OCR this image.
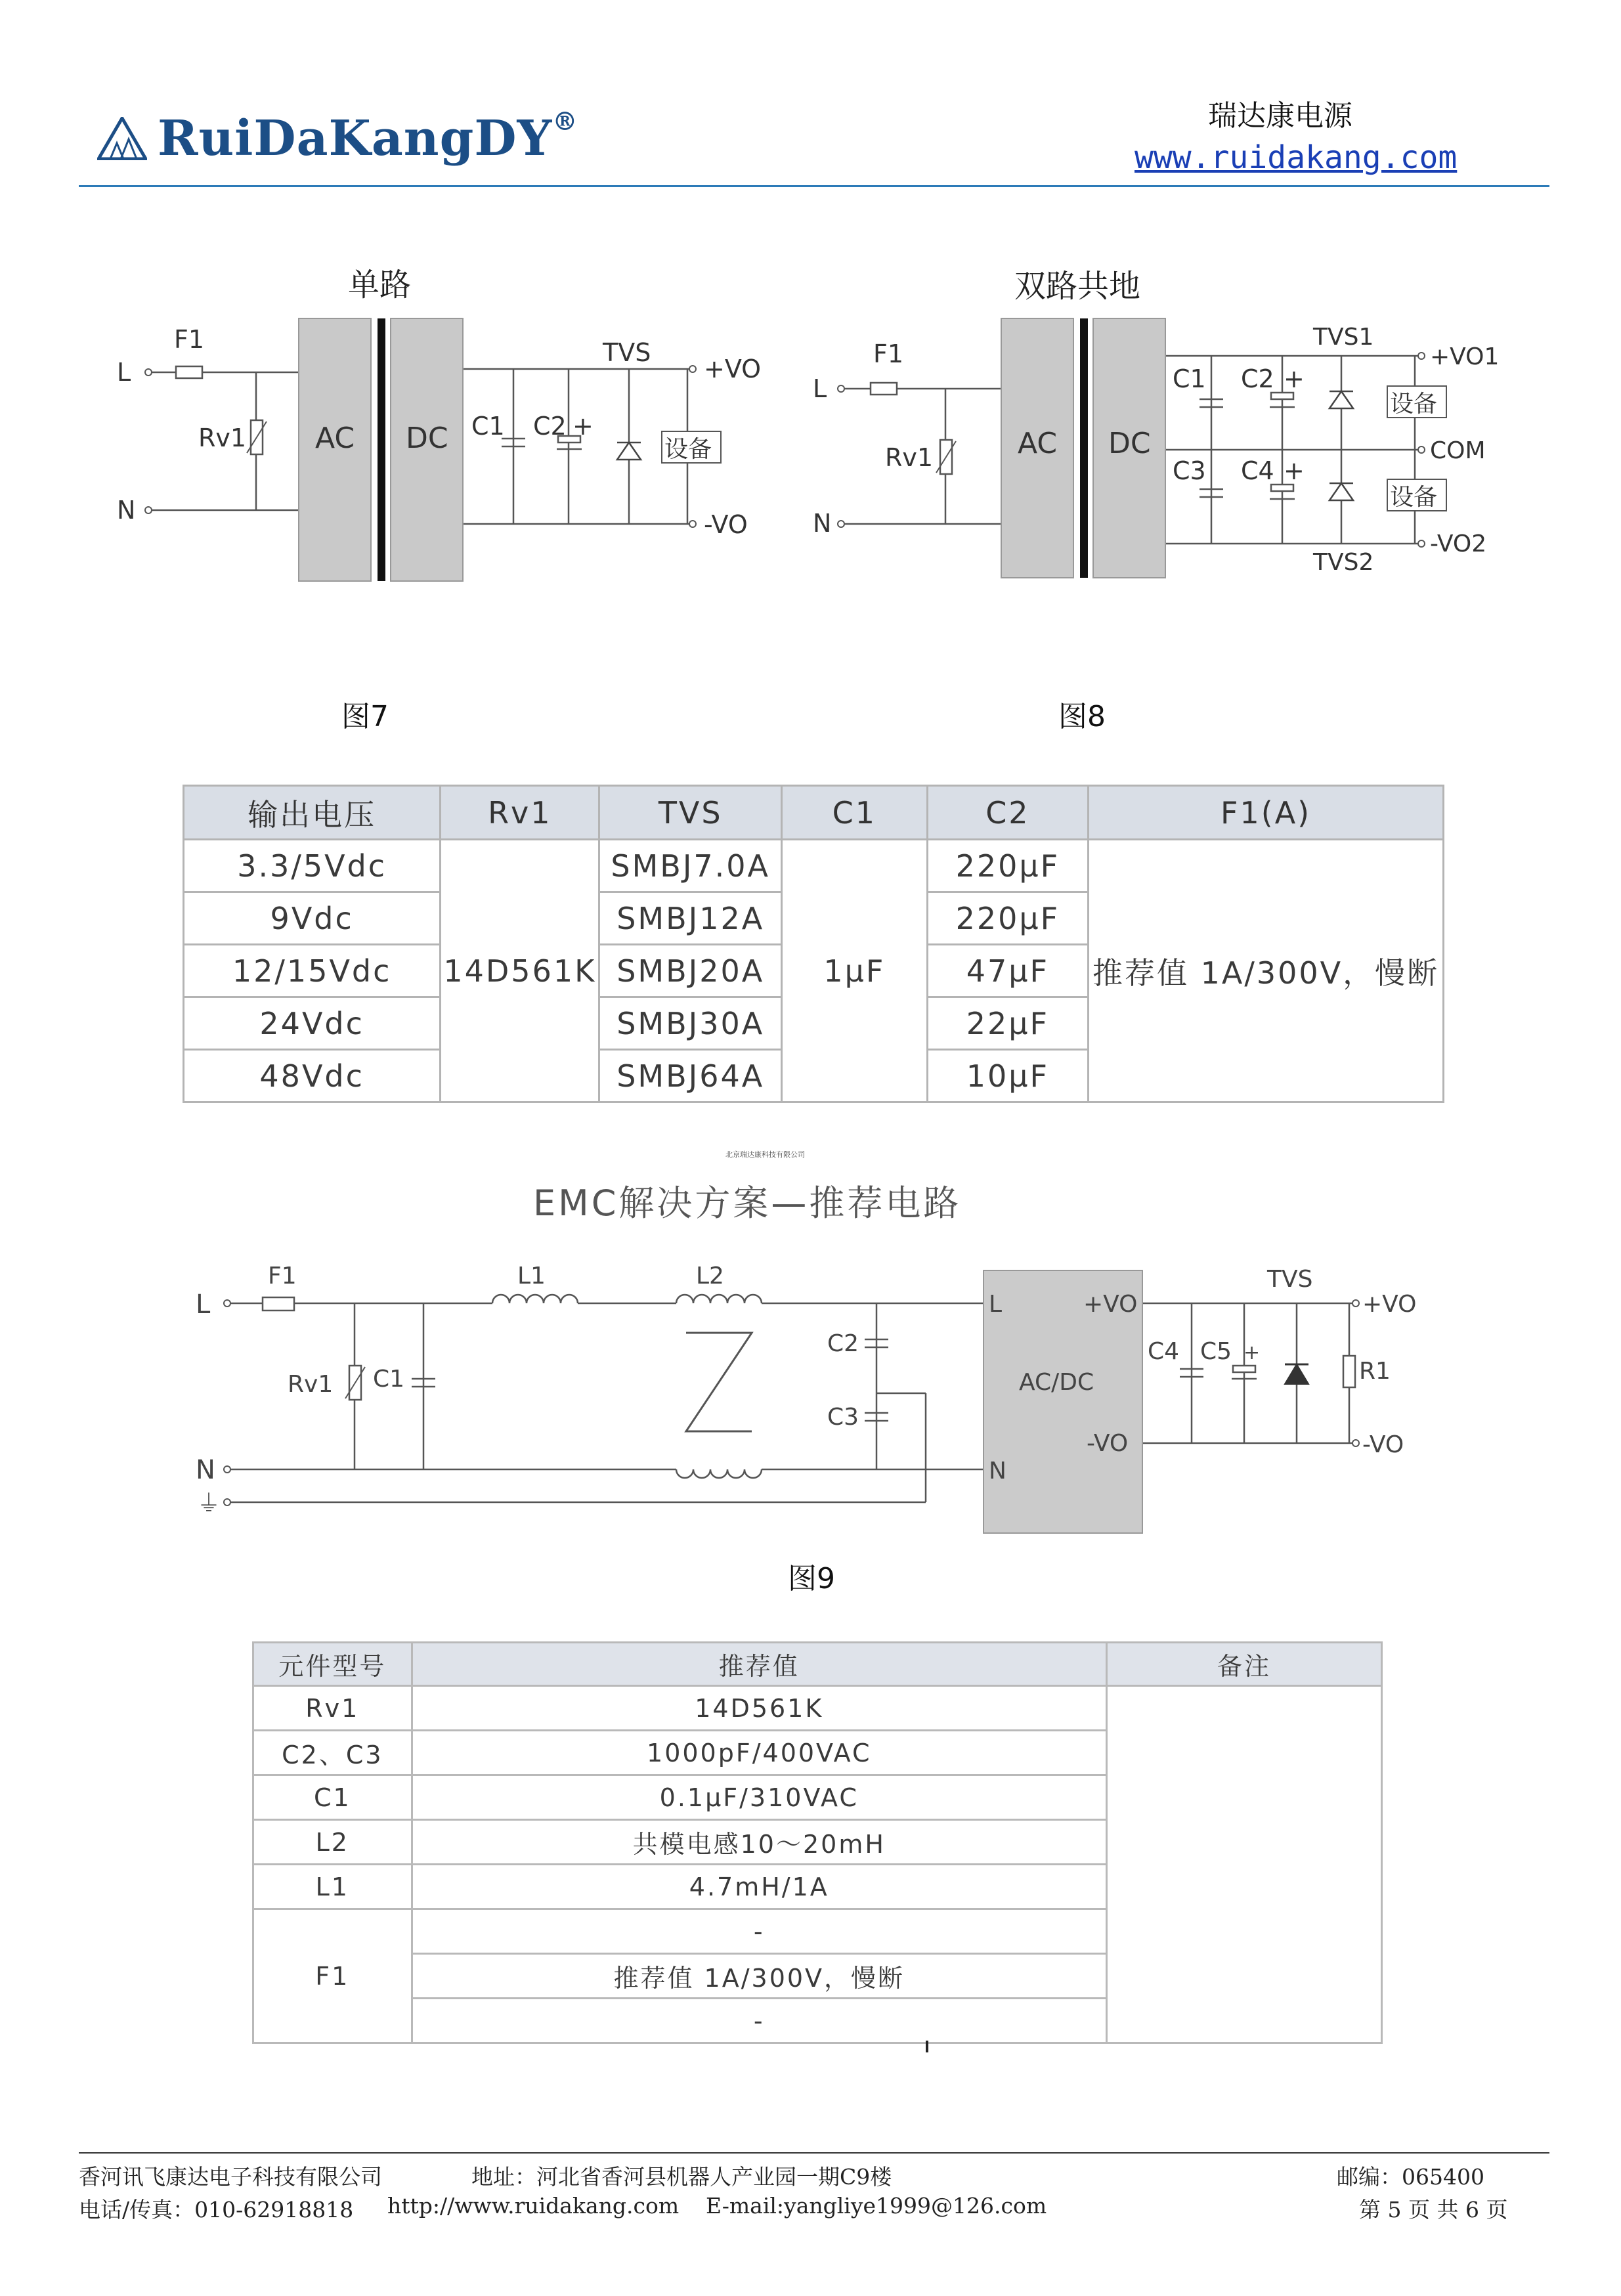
RuiDaKangDY®	瑞达康电源
www.ruidakang.com
单路
F1
L
N
Rv1 AC DC C1 C2 +
TVS
+VO
-VO
设备
图7
双路共地
F1
L
N
Rv1	AC DC
C1 C2 +
C3 C4 +
TVS1
TVS2
+VO1
COM
-VO2
设备
设备
图8
输出电压	Rv1	TVS	C1	C2	F1(A)
3.3/5Vdc	14D561K	SMBJ7.0A	1μF	220μF	推荐值 1A/300V，慢断
9Vdc		SMBJ12A		220μF	
12/15Vdc		SMBJ20A		47μF	
24Vdc		SMBJ30A		22μF	
48Vdc		SMBJ64A		10μF	
北京瑞达康科技有限公司
EMC解决方案—推荐电路
L
N
⏚
F1	L1	L2
Rv1 C1
C2
C3
C4 C5 +
TVS
R1
L
N
AC/DC
+VO
-VO
+VO
-VO
图9
元件型号	推荐值	备注
Rv1	14D561K	
C2、C3	1000pF/400VAC	
C1	0.1μF/310VAC	
L2	共模电感10～20mH	
L1	4.7mH/1A	
F1	-	
	推荐值 1A/300V，慢断	
	-	
香河讯飞康达电子科技有限公司	地址：河北省香河县机器人产业园一期C9楼	邮编：065400
电话/传真：010-62918818 http://www.ruidakang.com E-mail:yangliye1999@126.com	第 5 页 共 6 页
